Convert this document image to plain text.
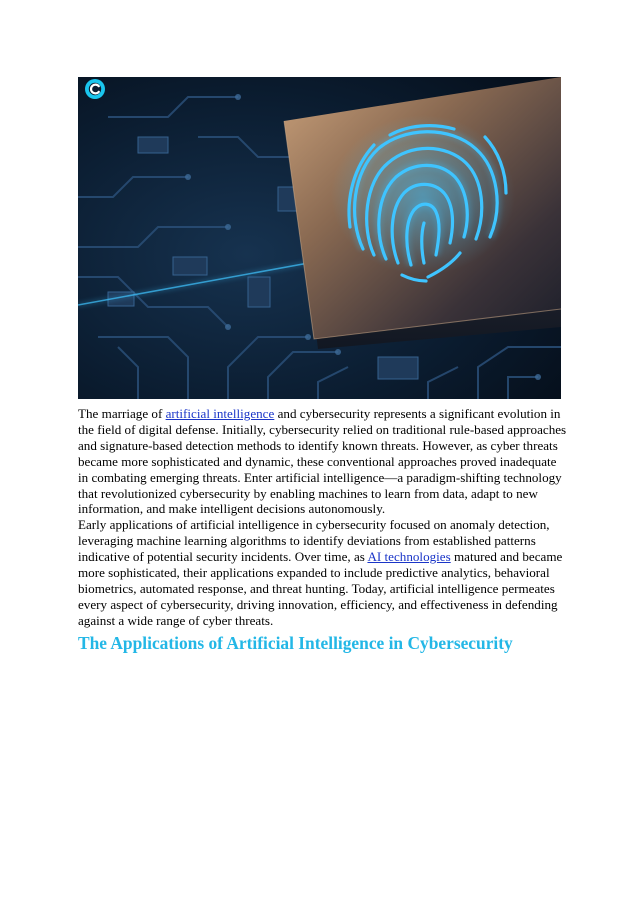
The marriage of artificial intelligence and cybersecurity represents a significant evolution in the field of digital defense. Initially, cybersecurity relied on traditional rule-based approaches and signature-based detection methods to identify known threats. However, as cyber threats became more sophisticated and dynamic, these conventional approaches proved inadequate in combating emerging threats. Enter artificial intelligence—a paradigm-shifting technology that revolutionized cybersecurity by enabling machines to learn from data, adapt to new information, and make intelligent decisions autonomously.

Early applications of artificial intelligence in cybersecurity focused on anomaly detection, leveraging machine learning algorithms to identify deviations from established patterns indicative of potential security incidents. Over time, as AI technologies matured and became more sophisticated, their applications expanded to include predictive analytics, behavioral biometrics, automated response, and threat hunting. Today, artificial intelligence permeates every aspect of cybersecurity, driving innovation, efficiency, and effectiveness in defending against a wide range of cyber threats.

The Applications of Artificial Intelligence in Cybersecurity
